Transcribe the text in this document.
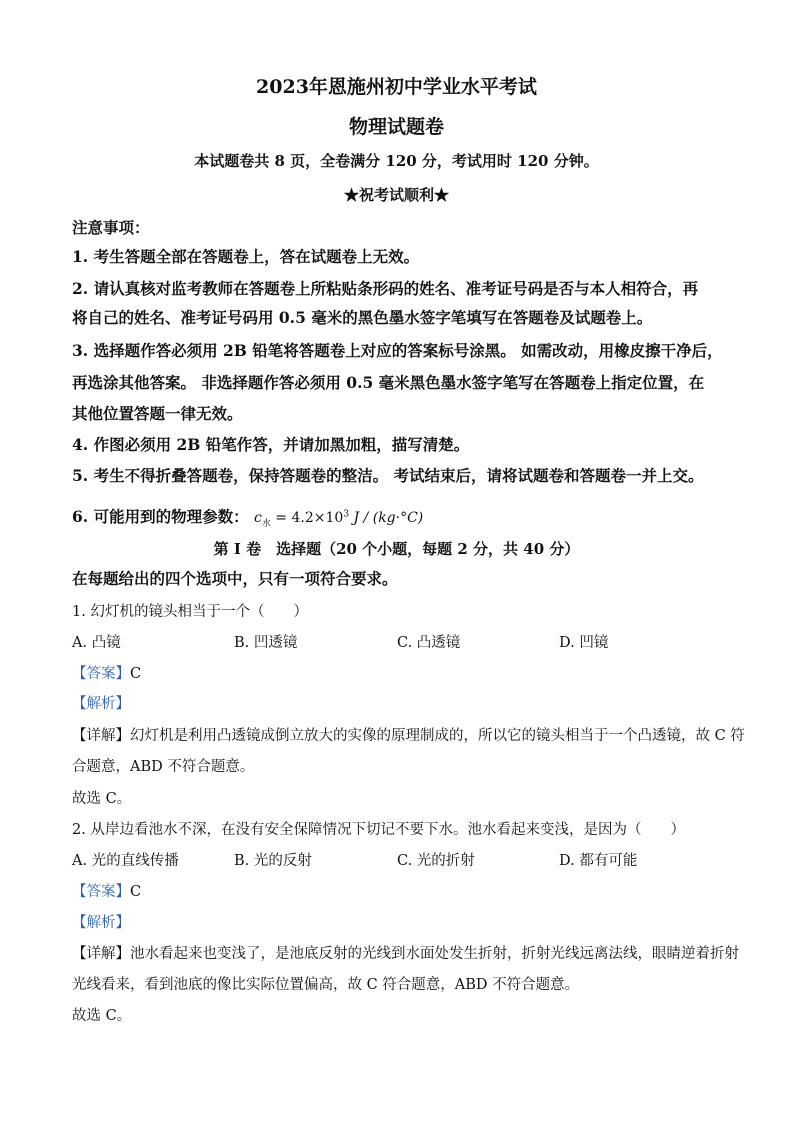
2023年恩施州初中学业水平考试
物理试题卷
本试题卷共 8 页，全卷满分 120 分，考试用时 120 分钟。
★祝考试顺利★
注意事项：
1. 考生答题全部在答题卷上，答在试题卷上无效。
2. 请认真核对监考教师在答题卷上所粘贴条形码的姓名、准考证号码是否与本人相符合，再
将自己的姓名、准考证号码用 0.5 毫米的黑色墨水签字笔填写在答题卷及试题卷上。
3. 选择题作答必须用 2B 铅笔将答题卷上对应的答案标号涂黑。 如需改动，用橡皮擦干净后，
再选涂其他答案。 非选择题作答必须用 0.5 毫米黑色墨水签字笔写在答题卷上指定位置，在
其他位置答题一律无效。
4. 作图必须用 2B 铅笔作答，并请加黑加粗，描写清楚。
5. 考生不得折叠答题卷，保持答题卷的整洁。 考试结束后，请将试题卷和答题卷一并上交。
6. 可能用到的物理参数： $c_水 = 4.2\times 10^3$ J / (kg·°C)
第 I 卷　选择题（20 个小题，每题 2 分，共 40 分）
在每题给出的四个选项中，只有一项符合要求。
1. 幻灯机的镜头相当于一个（　　）
A. 凸镜	B. 凹透镜	C. 凸透镜	D. 凹镜
【答案】C
【解析】
【详解】幻灯机是利用凸透镜成倒立放大的实像的原理制成的，所以它的镜头相当于一个凸透镜，故 C 符
合题意，ABD 不符合题意。
故选 C。
2. 从岸边看池水不深，在没有安全保障情况下切记不要下水。池水看起来变浅，是因为（　　）
A. 光的直线传播	B. 光的反射	C. 光的折射	D. 都有可能
【答案】C
【解析】
【详解】池水看起来也变浅了，是池底反射的光线到水面处发生折射，折射光线远离法线，眼睛逆着折射
光线看来，看到池底的像比实际位置偏高，故 C 符合题意，ABD 不符合题意。
故选 C。
